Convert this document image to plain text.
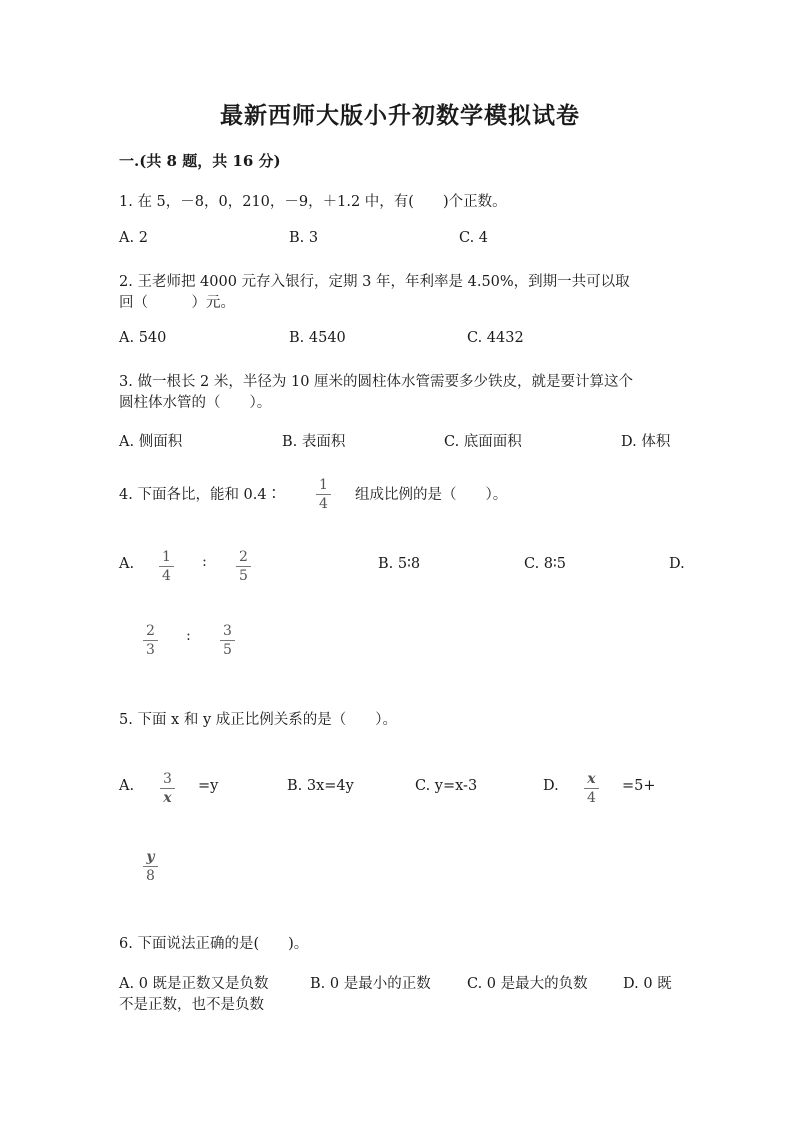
最新西师大版小升初数学模拟试卷
一.(共 8 题，共 16 分)
1. 在 5，－8，0，210，－9，＋1.2 中，有(　　)个正数。
A. 2	B. 3	C. 4
2. 王老师把 4000 元存入银行，定期 3 年，年利率是 4.50%，到期一共可以取
回（　　　）元。
A. 540	B. 4540	C. 4432
3. 做一根长 2 米，半径为 10 厘米的圆柱体水管需要多少铁皮，就是要计算这个
圆柱体水管的（　　）。
A. 侧面积	B. 表面积	C. 底面面积	D. 体积
4. 下面各比，能和 0.4∶
1
4
组成比例的是（　　）。
A. 1
4
: 2
5
B. 5∶8	C. 8∶5	D.
2
3
: 3
5
5. 下面 x 和 y 成正比例关系的是（　　）。
A. 3
x
=y	B. 3x=4y	C. y=x-3	D. x
4
=5+
y
8
6. 下面说法正确的是(　　)。
A. 0 既是正数又是负数	B. 0 是最小的正数	C. 0 是最大的负数 D. 0 既
不是正数，也不是负数
